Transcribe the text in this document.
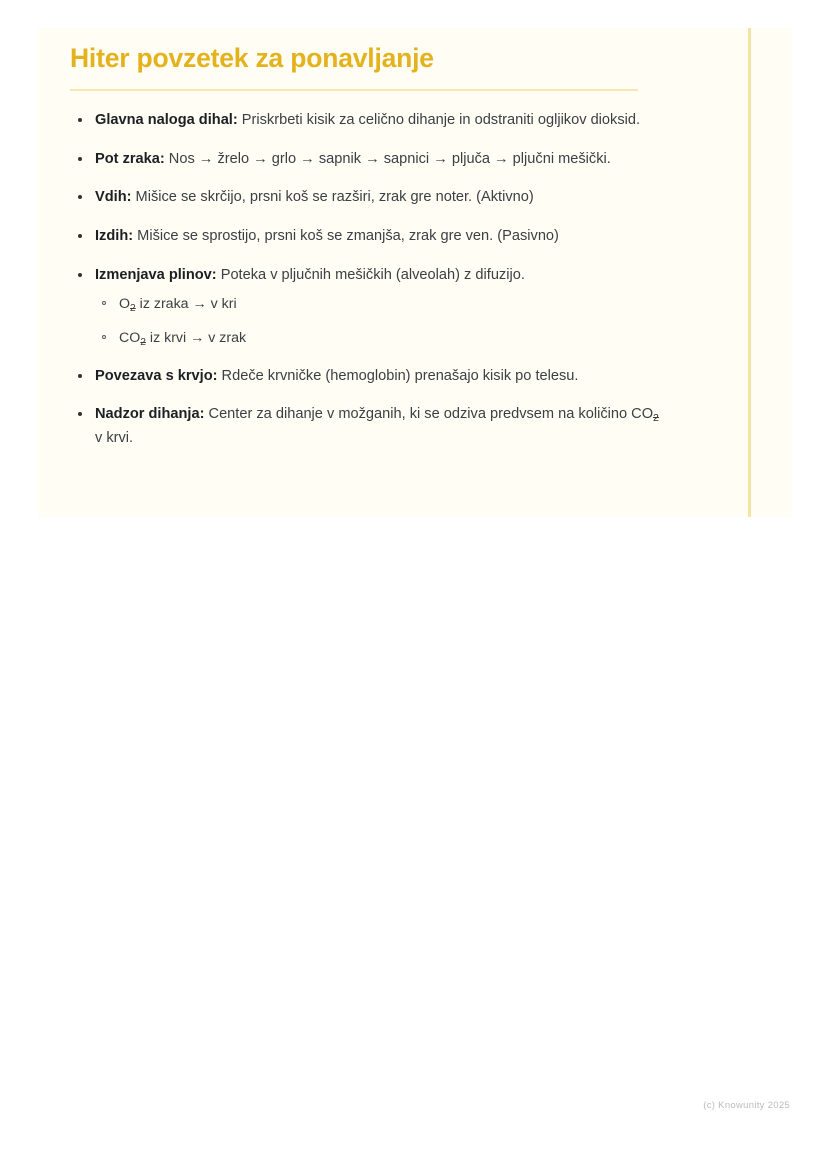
Hiter povzetek za ponavljanje
Glavna naloga dihal: Priskrbeti kisik za celično dihanje in odstraniti ogljikov dioksid.
Pot zraka: Nos → žrelo → grlo → sapnik → sapnici → pljuča → pljučni mešički.
Vdih: Mišice se skrčijo, prsni koš se razširi, zrak gre noter. (Aktivno)
Izdih: Mišice se sprostijo, prsni koš se zmanjša, zrak gre ven. (Pasivno)
Izmenjava plinov: Poteka v pljučnih mešičkih (alveolah) z difuzijo.
$O_2$ iz zraka → v kri
$CO_2$ iz krvi → v zrak
Povezava s krvjo: Rdeče krvničke (hemoglobin) prenašajo kisik po telesu.
Nadzor dihanja: Center za dihanje v možganih, ki se odziva predvsem na količino $CO_2$ v krvi.
(c) Knowunity 2025
